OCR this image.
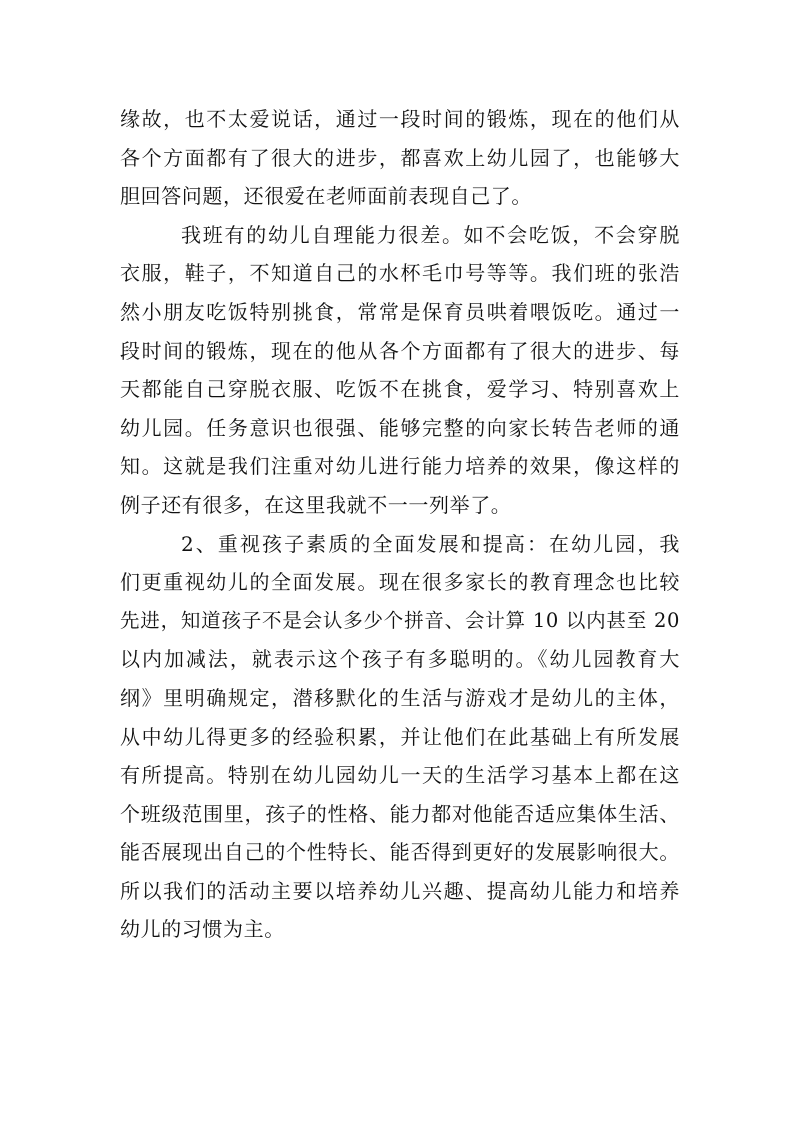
缘故，也不太爱说话，通过一段时间的锻炼，现在的他们从
各个方面都有了很大的进步，都喜欢上幼儿园了，也能够大
胆回答问题，还很爱在老师面前表现自己了。
我班有的幼儿自理能力很差。如不会吃饭，不会穿脱
衣服，鞋子，不知道自己的水杯毛巾号等等。我们班的张浩
然小朋友吃饭特别挑食，常常是保育员哄着喂饭吃。通过一
段时间的锻炼，现在的他从各个方面都有了很大的进步、每
天都能自己穿脱衣服、吃饭不在挑食，爱学习、特别喜欢上
幼儿园。任务意识也很强、能够完整的向家长转告老师的通
知。这就是我们注重对幼儿进行能力培养的效果，像这样的
例子还有很多，在这里我就不一一列举了。
2、重视孩子素质的全面发展和提高：在幼儿园，我
们更重视幼儿的全面发展。现在很多家长的教育理念也比较
先进，知道孩子不是会认多少个拼音、会计算 10 以内甚至 20
以内加减法，就表示这个孩子有多聪明的。《幼儿园教育大
纲》里明确规定，潜移默化的生活与游戏才是幼儿的主体，
从中幼儿得更多的经验积累，并让他们在此基础上有所发展
有所提高。特别在幼儿园幼儿一天的生活学习基本上都在这
个班级范围里，孩子的性格、能力都对他能否适应集体生活、
能否展现出自己的个性特长、能否得到更好的发展影响很大。
所以我们的活动主要以培养幼儿兴趣、提高幼儿能力和培养
幼儿的习惯为主。
